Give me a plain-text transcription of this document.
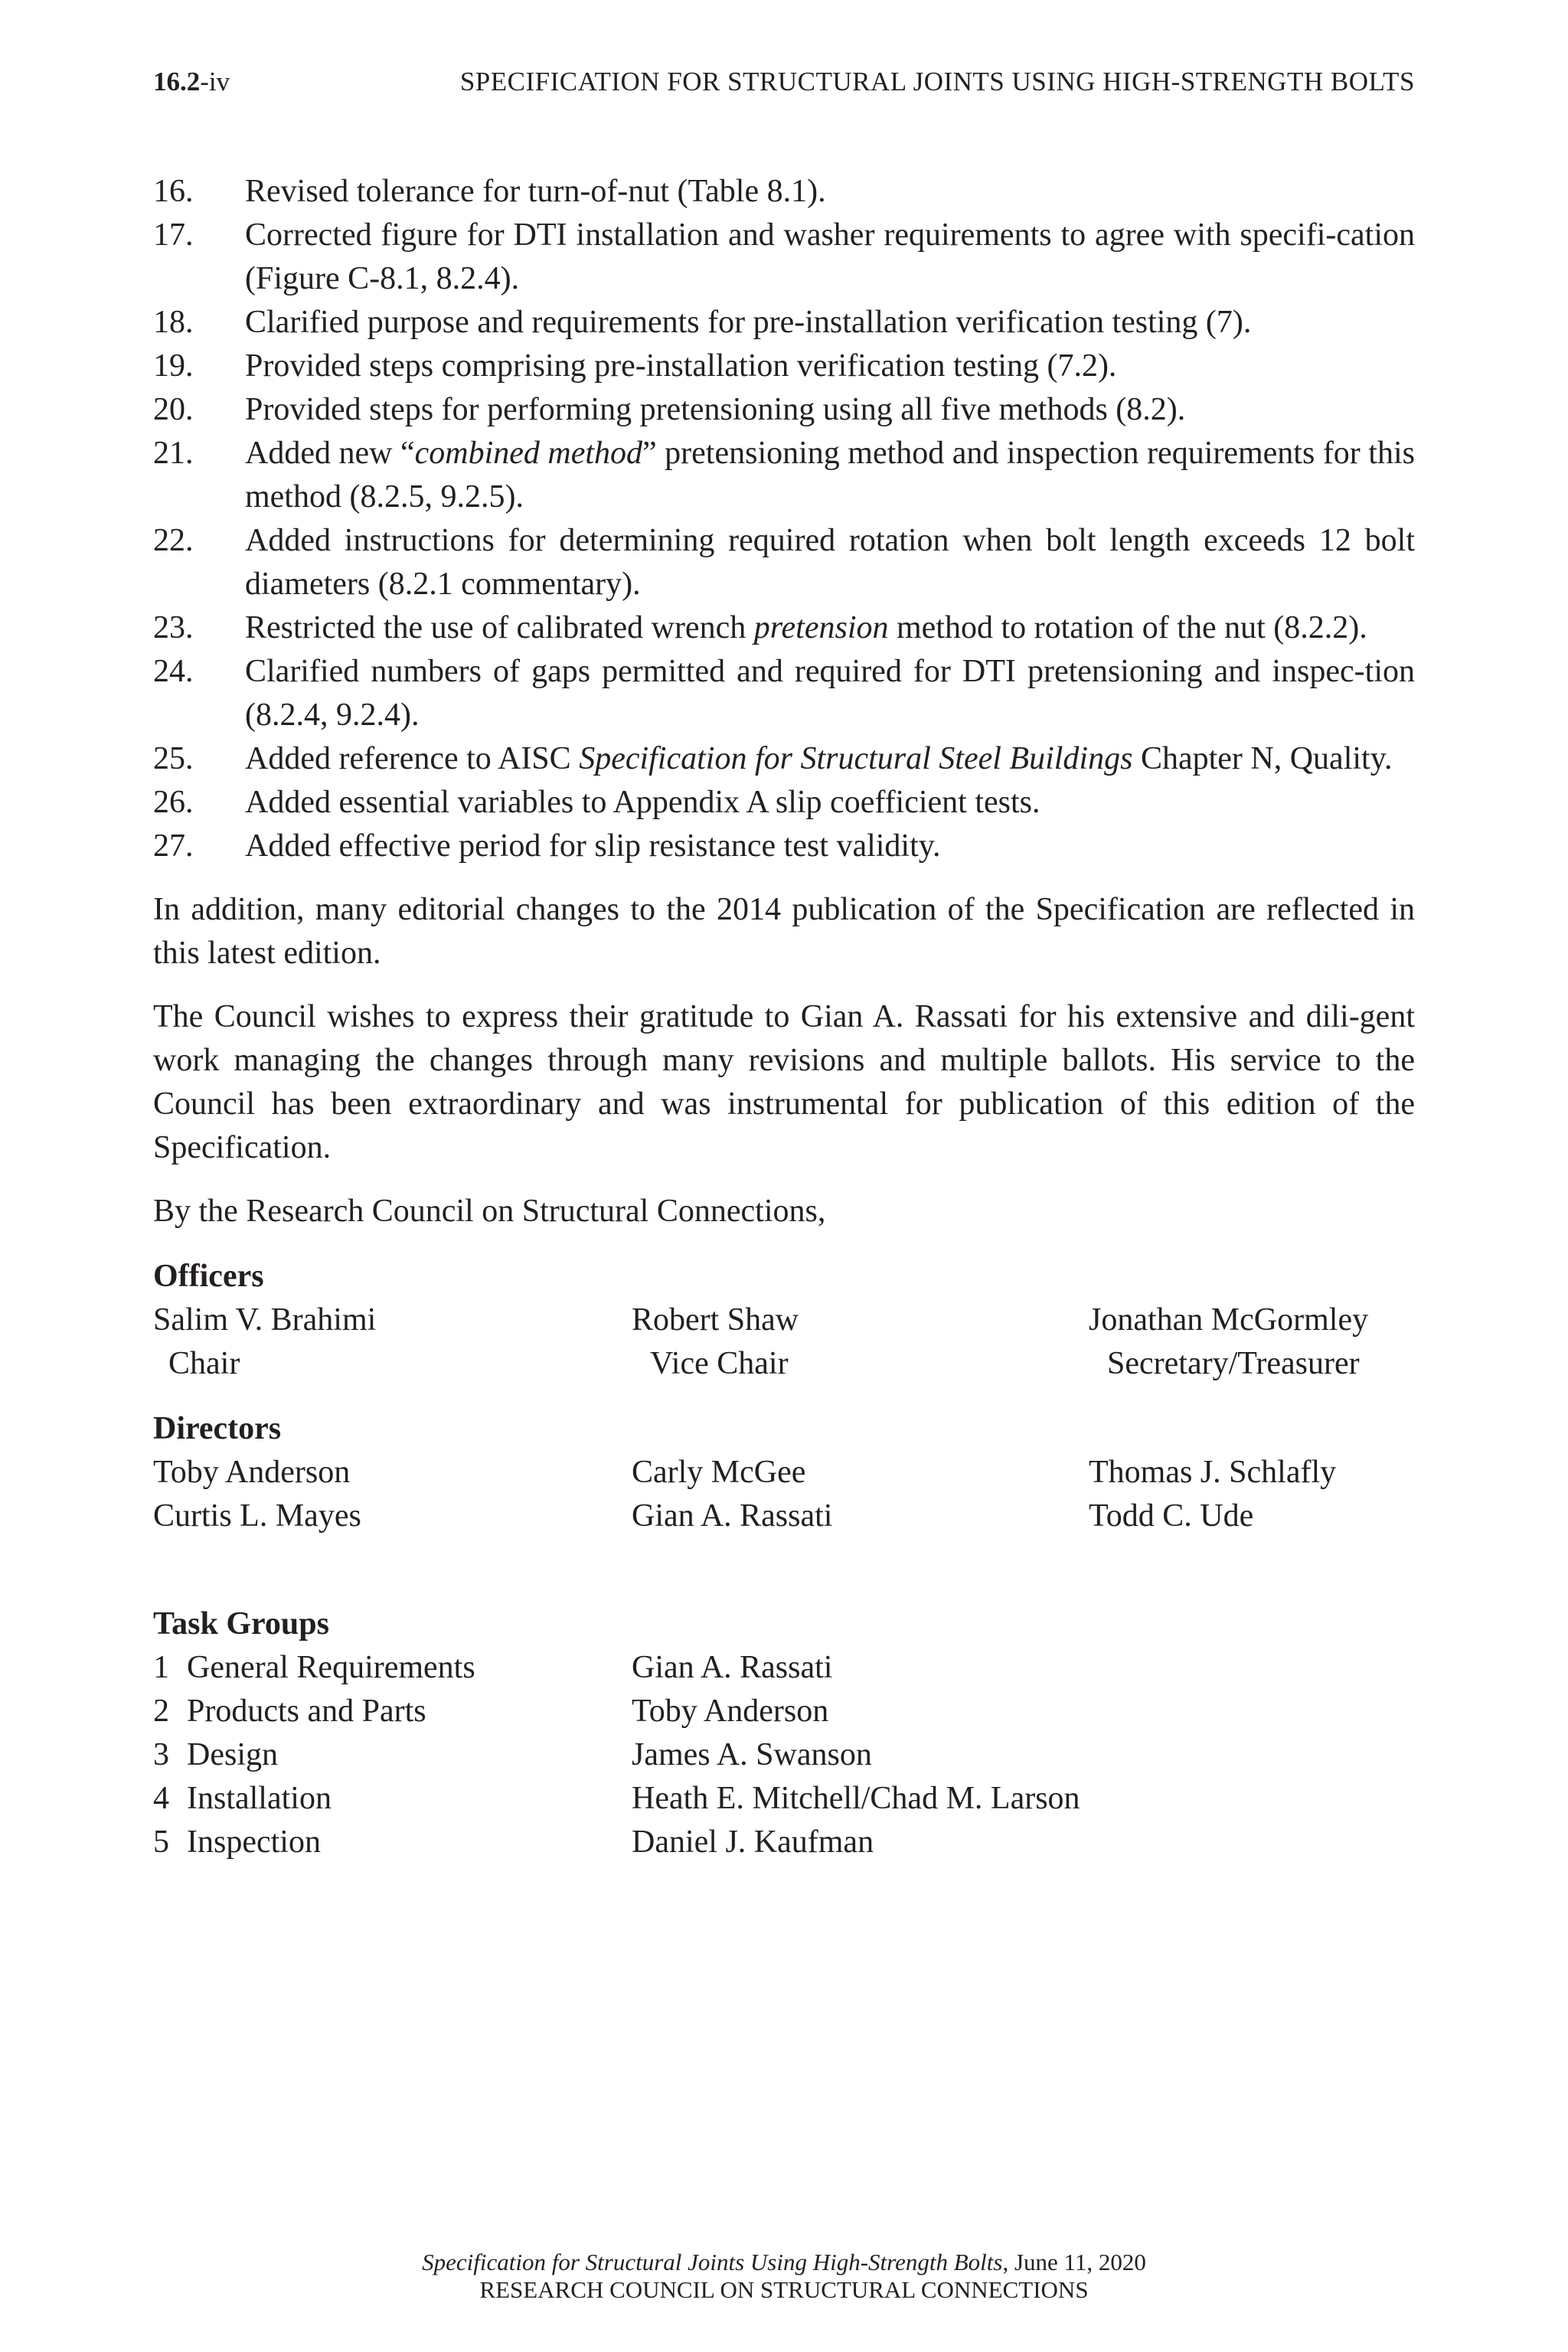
16.2-iv	SPECIFICATION FOR STRUCTURAL JOINTS USING HIGH-STRENGTH BOLTS
16.	Revised tolerance for turn-of-nut (Table 8.1).
17.	Corrected figure for DTI installation and washer requirements to agree with specifi-cation (Figure C-8.1, 8.2.4).
18.	Clarified purpose and requirements for pre-installation verification testing (7).
19.	Provided steps comprising pre-installation verification testing (7.2).
20.	Provided steps for performing pretensioning using all five methods (8.2).
21.	Added new “combined method” pretensioning method and inspection requirements for this method (8.2.5, 9.2.5).
22.	Added instructions for determining required rotation when bolt length exceeds 12 bolt diameters (8.2.1 commentary).
23.	Restricted the use of calibrated wrench pretension method to rotation of the nut (8.2.2).
24.	Clarified numbers of gaps permitted and required for DTI pretensioning and inspec-tion (8.2.4, 9.2.4).
25.	Added reference to AISC Specification for Structural Steel Buildings Chapter N, Quality.
26.	Added essential variables to Appendix A slip coefficient tests.
27.	Added effective period for slip resistance test validity.

In addition, many editorial changes to the 2014 publication of the Specification are reflected in this latest edition.

The Council wishes to express their gratitude to Gian A. Rassati for his extensive and dili-gent work managing the changes through many revisions and multiple ballots. His service to the Council has been extraordinary and was instrumental for publication of this edition of the Specification.

By the Research Council on Structural Connections,

Officers
Salim V. Brahimi	Robert Shaw	Jonathan McGormley
Chair	Vice Chair	Secretary/Treasurer
Directors
Toby Anderson	Carly McGee	Thomas J. Schlafly
Curtis L. Mayes	Gian A. Rassati	Todd C. Ude
Task Groups
1 General Requirements	Gian A. Rassati
2 Products and Parts	Toby Anderson
3 Design	James A. Swanson
4 Installation	Heath E. Mitchell/Chad M. Larson
5 Inspection	Daniel J. Kaufman
Specification for Structural Joints Using High-Strength Bolts, June 11, 2020
RESEARCH COUNCIL ON STRUCTURAL CONNECTIONS
